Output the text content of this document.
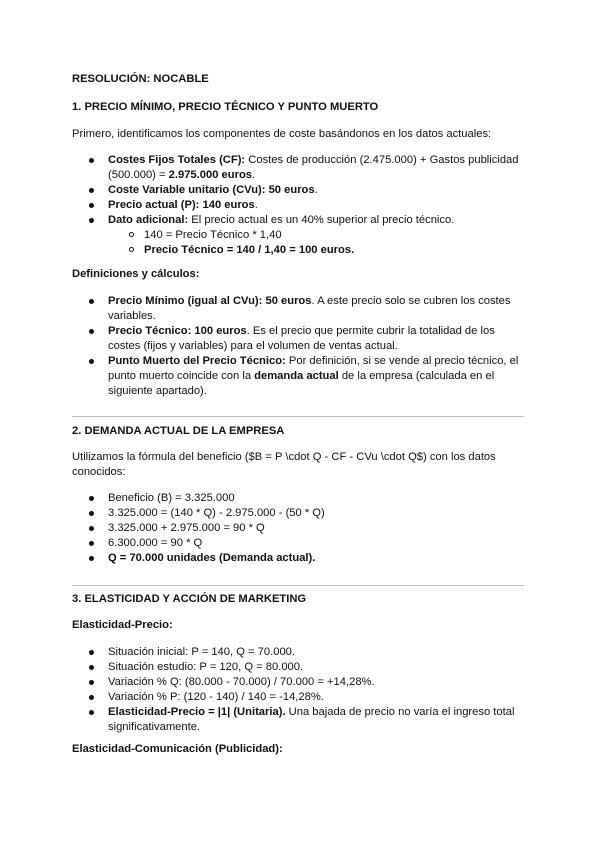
RESOLUCIÓN: NOCABLE

1. PRECIO MÍNIMO, PRECIO TÉCNICO Y PUNTO MUERTO

Primero, identificamos los componentes de coste basándonos en los datos actuales:

Costes Fijos Totales (CF): Costes de producción (2.475.000) + Gastos publicidad (500.000) = 2.975.000 euros.
Coste Variable unitario (CVu): 50 euros.
Precio actual (P): 140 euros.
Dato adicional: El precio actual es un 40% superior al precio técnico.
140 = Precio Técnico * 1,40
Precio Técnico = 140 / 1,40 = 100 euros.

Definiciones y cálculos:

Precio Mínimo (igual al CVu): 50 euros. A este precio solo se cubren los costes variables.
Precio Técnico: 100 euros. Es el precio que permite cubrir la totalidad de los costes (fijos y variables) para el volumen de ventas actual.
Punto Muerto del Precio Técnico: Por definición, si se vende al precio técnico, el punto muerto coincide con la demanda actual de la empresa (calculada en el siguiente apartado).

2. DEMANDA ACTUAL DE LA EMPRESA

Utilizamos la fórmula del beneficio ($B = P \cdot Q - CF - CVu \cdot Q$) con los datos conocidos:

Beneficio (B) = 3.325.000
3.325.000 = (140 * Q) - 2.975.000 - (50 * Q)
3.325.000 + 2.975.000 = 90 * Q
6.300.000 = 90 * Q
Q = 70.000 unidades (Demanda actual).

3. ELASTICIDAD Y ACCIÓN DE MARKETING

Elasticidad-Precio:

Situación inicial: P = 140, Q = 70.000.
Situación estudio: P = 120, Q = 80.000.
Variación % Q: (80.000 - 70.000) / 70.000 = +14,28%.
Variación % P: (120 - 140) / 140 = -14,28%.
Elasticidad-Precio = |1| (Unitaria). Una bajada de precio no varía el ingreso total significativamente.

Elasticidad-Comunicación (Publicidad):
